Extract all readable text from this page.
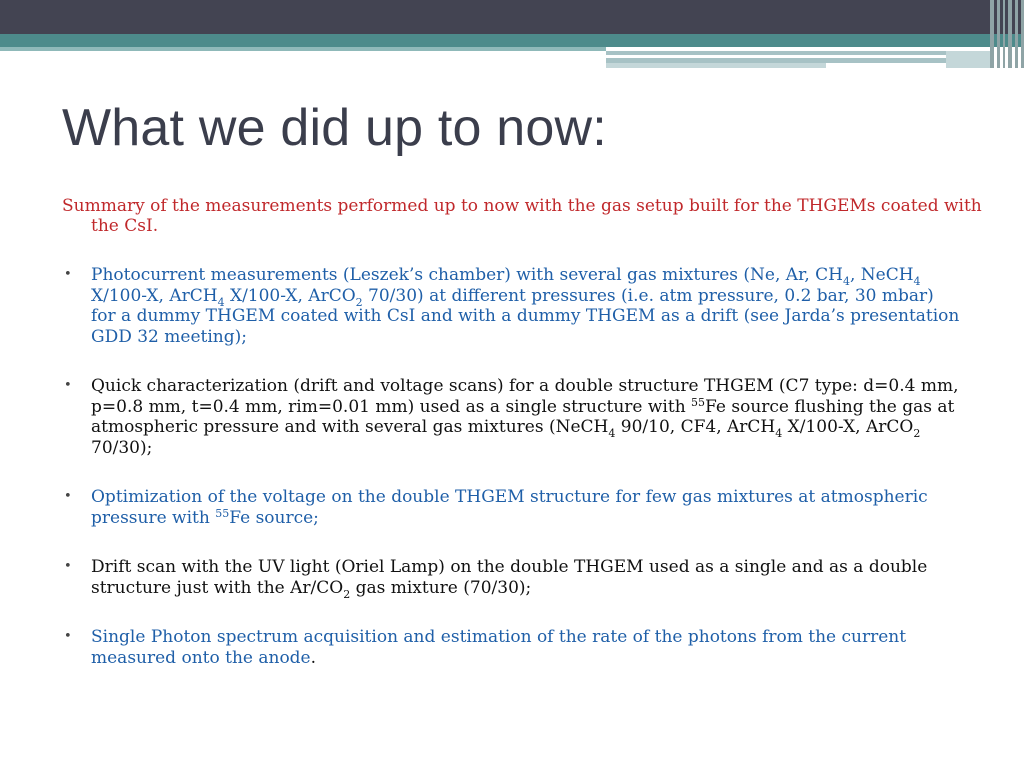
What we did up to now:

Summary of the measurements performed up to now with the gas setup built for the THGEMs coated with the CsI.

• Photocurrent measurements (Leszek’s chamber) with several gas mixtures (Ne, Ar, $CH_4$, NeCH$_4$ X/100-X, ArCH$_4$ X/100-X, ArCO$_2$ 70/30) at different pressures (i.e. atm pressure, 0.2 bar, 30 mbar) for a dummy THGEM coated with CsI and with a dummy THGEM as a drift (see Jarda’s presentation GDD 32 meeting);
• Quick characterization (drift and voltage scans) for a double structure THGEM (C7 type: d=0.4 mm, p=0.8 mm, t=0.4 mm, rim=0.01 mm) used as a single structure with $^{55}$Fe source flushing the gas at atmospheric pressure and with several gas mixtures (NeCH$_4$ 90/10, CF4, ArCH$_4$ X/100-X, ArCO$_2$ 70/30);
• Optimization of the voltage on the double THGEM structure for few gas mixtures at atmospheric pressure with $^{55}$Fe source;
• Drift scan with the UV light (Oriel Lamp) on the double THGEM used as a single and as a double structure just with the $Ar/CO_2$ gas mixture (70/30);
• Single Photon spectrum acquisition and estimation of the rate of the photons from the current measured onto the anode.
